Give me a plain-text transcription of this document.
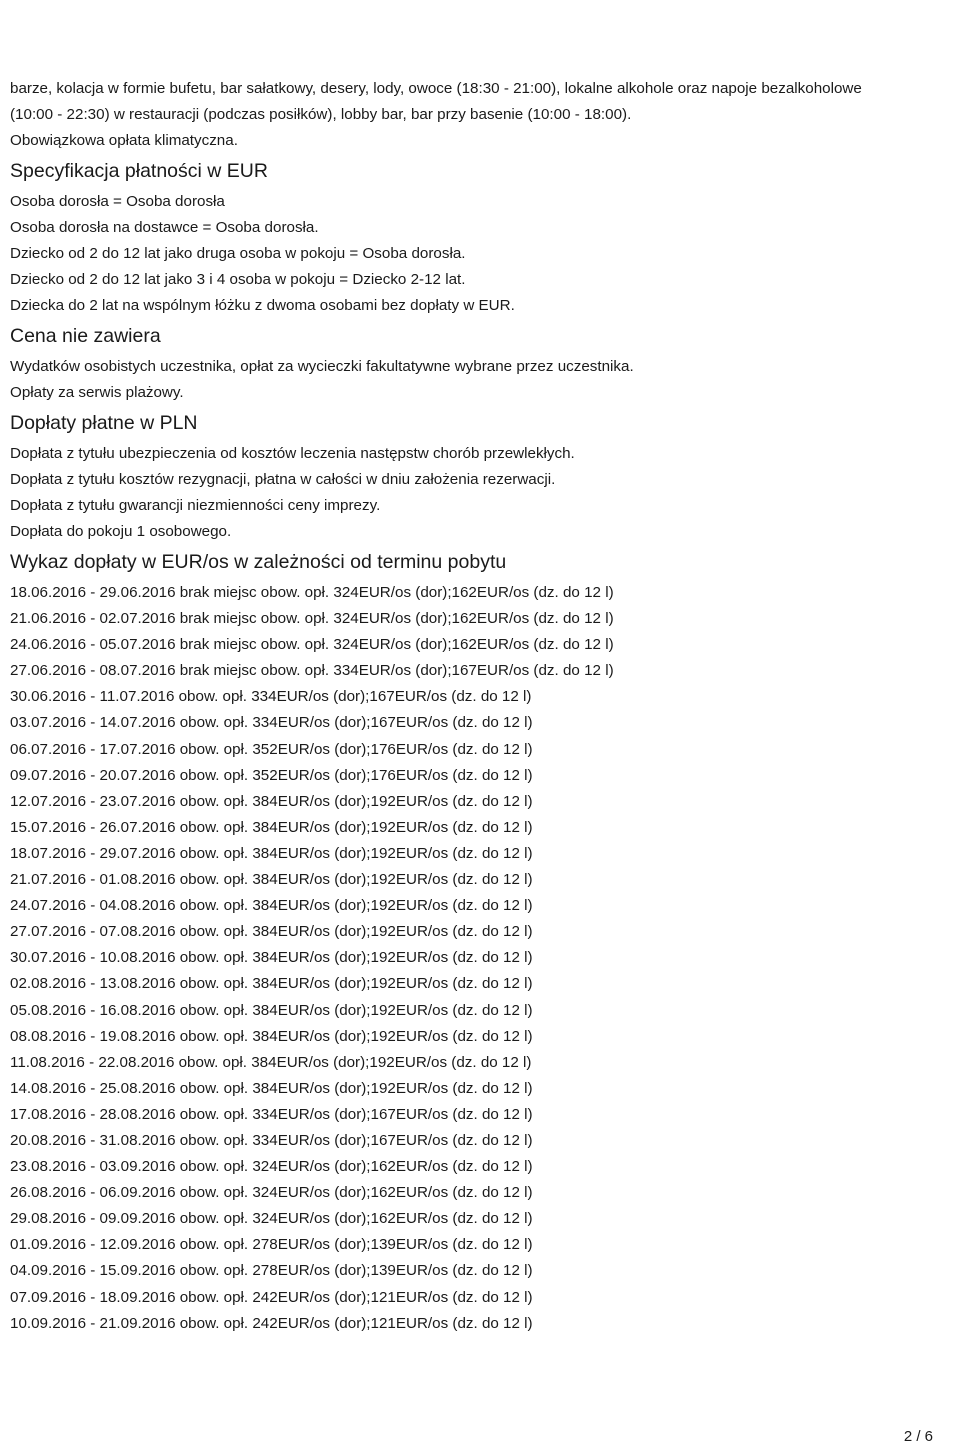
barze, kolacja w formie bufetu, bar sałatkowy, desery, lody, owoce (18:30 - 21:00), lokalne alkohole oraz napoje bezalkoholowe

(10:00 - 22:30) w restauracji (podczas posiłków), lobby bar, bar przy basenie (10:00 - 18:00).

Obowiązkowa opłata klimatyczna.

Specyfikacja płatności w EUR

Osoba dorosła = Osoba dorosła

Osoba dorosła na dostawce = Osoba dorosła.

Dziecko od 2 do 12 lat jako druga osoba w pokoju = Osoba dorosła.

Dziecko od 2 do 12 lat jako 3 i 4 osoba w pokoju = Dziecko 2-12 lat.

Dziecka do 2 lat na wspólnym łóżku z dwoma osobami bez dopłaty w EUR.

Cena nie zawiera

Wydatków osobistych uczestnika, opłat za wycieczki fakultatywne wybrane przez uczestnika.

Opłaty za serwis plażowy.

Dopłaty płatne w PLN

Dopłata z tytułu ubezpieczenia od kosztów leczenia następstw chorób przewlekłych.

Dopłata z tytułu kosztów rezygnacji, płatna w całości w dniu założenia rezerwacji.

Dopłata z tytułu gwarancji niezmienności ceny imprezy.

Dopłata do pokoju 1 osobowego.

Wykaz dopłaty w EUR/os w zależności od terminu pobytu

18.06.2016 - 29.06.2016 brak miejsc obow. opł. 324EUR/os (dor);162EUR/os (dz. do 12 l)

21.06.2016 - 02.07.2016 brak miejsc obow. opł. 324EUR/os (dor);162EUR/os (dz. do 12 l)

24.06.2016 - 05.07.2016 brak miejsc obow. opł. 324EUR/os (dor);162EUR/os (dz. do 12 l)

27.06.2016 - 08.07.2016 brak miejsc obow. opł. 334EUR/os (dor);167EUR/os (dz. do 12 l)

30.06.2016 - 11.07.2016 obow. opł. 334EUR/os (dor);167EUR/os (dz. do 12 l)

03.07.2016 - 14.07.2016 obow. opł. 334EUR/os (dor);167EUR/os (dz. do 12 l)

06.07.2016 - 17.07.2016 obow. opł. 352EUR/os (dor);176EUR/os (dz. do 12 l)

09.07.2016 - 20.07.2016 obow. opł. 352EUR/os (dor);176EUR/os (dz. do 12 l)

12.07.2016 - 23.07.2016 obow. opł. 384EUR/os (dor);192EUR/os (dz. do 12 l)

15.07.2016 - 26.07.2016 obow. opł. 384EUR/os (dor);192EUR/os (dz. do 12 l)

18.07.2016 - 29.07.2016 obow. opł. 384EUR/os (dor);192EUR/os (dz. do 12 l)

21.07.2016 - 01.08.2016 obow. opł. 384EUR/os (dor);192EUR/os (dz. do 12 l)

24.07.2016 - 04.08.2016 obow. opł. 384EUR/os (dor);192EUR/os (dz. do 12 l)

27.07.2016 - 07.08.2016 obow. opł. 384EUR/os (dor);192EUR/os (dz. do 12 l)

30.07.2016 - 10.08.2016 obow. opł. 384EUR/os (dor);192EUR/os (dz. do 12 l)

02.08.2016 - 13.08.2016 obow. opł. 384EUR/os (dor);192EUR/os (dz. do 12 l)

05.08.2016 - 16.08.2016 obow. opł. 384EUR/os (dor);192EUR/os (dz. do 12 l)

08.08.2016 - 19.08.2016 obow. opł. 384EUR/os (dor);192EUR/os (dz. do 12 l)

11.08.2016 - 22.08.2016 obow. opł. 384EUR/os (dor);192EUR/os (dz. do 12 l)

14.08.2016 - 25.08.2016 obow. opł. 384EUR/os (dor);192EUR/os (dz. do 12 l)

17.08.2016 - 28.08.2016 obow. opł. 334EUR/os (dor);167EUR/os (dz. do 12 l)

20.08.2016 - 31.08.2016 obow. opł. 334EUR/os (dor);167EUR/os (dz. do 12 l)

23.08.2016 - 03.09.2016 obow. opł. 324EUR/os (dor);162EUR/os (dz. do 12 l)

26.08.2016 - 06.09.2016 obow. opł. 324EUR/os (dor);162EUR/os (dz. do 12 l)

29.08.2016 - 09.09.2016 obow. opł. 324EUR/os (dor);162EUR/os (dz. do 12 l)

01.09.2016 - 12.09.2016 obow. opł. 278EUR/os (dor);139EUR/os (dz. do 12 l)

04.09.2016 - 15.09.2016 obow. opł. 278EUR/os (dor);139EUR/os (dz. do 12 l)

07.09.2016 - 18.09.2016 obow. opł. 242EUR/os (dor);121EUR/os (dz. do 12 l)

10.09.2016 - 21.09.2016 obow. opł. 242EUR/os (dor);121EUR/os (dz. do 12 l)

2 / 6
